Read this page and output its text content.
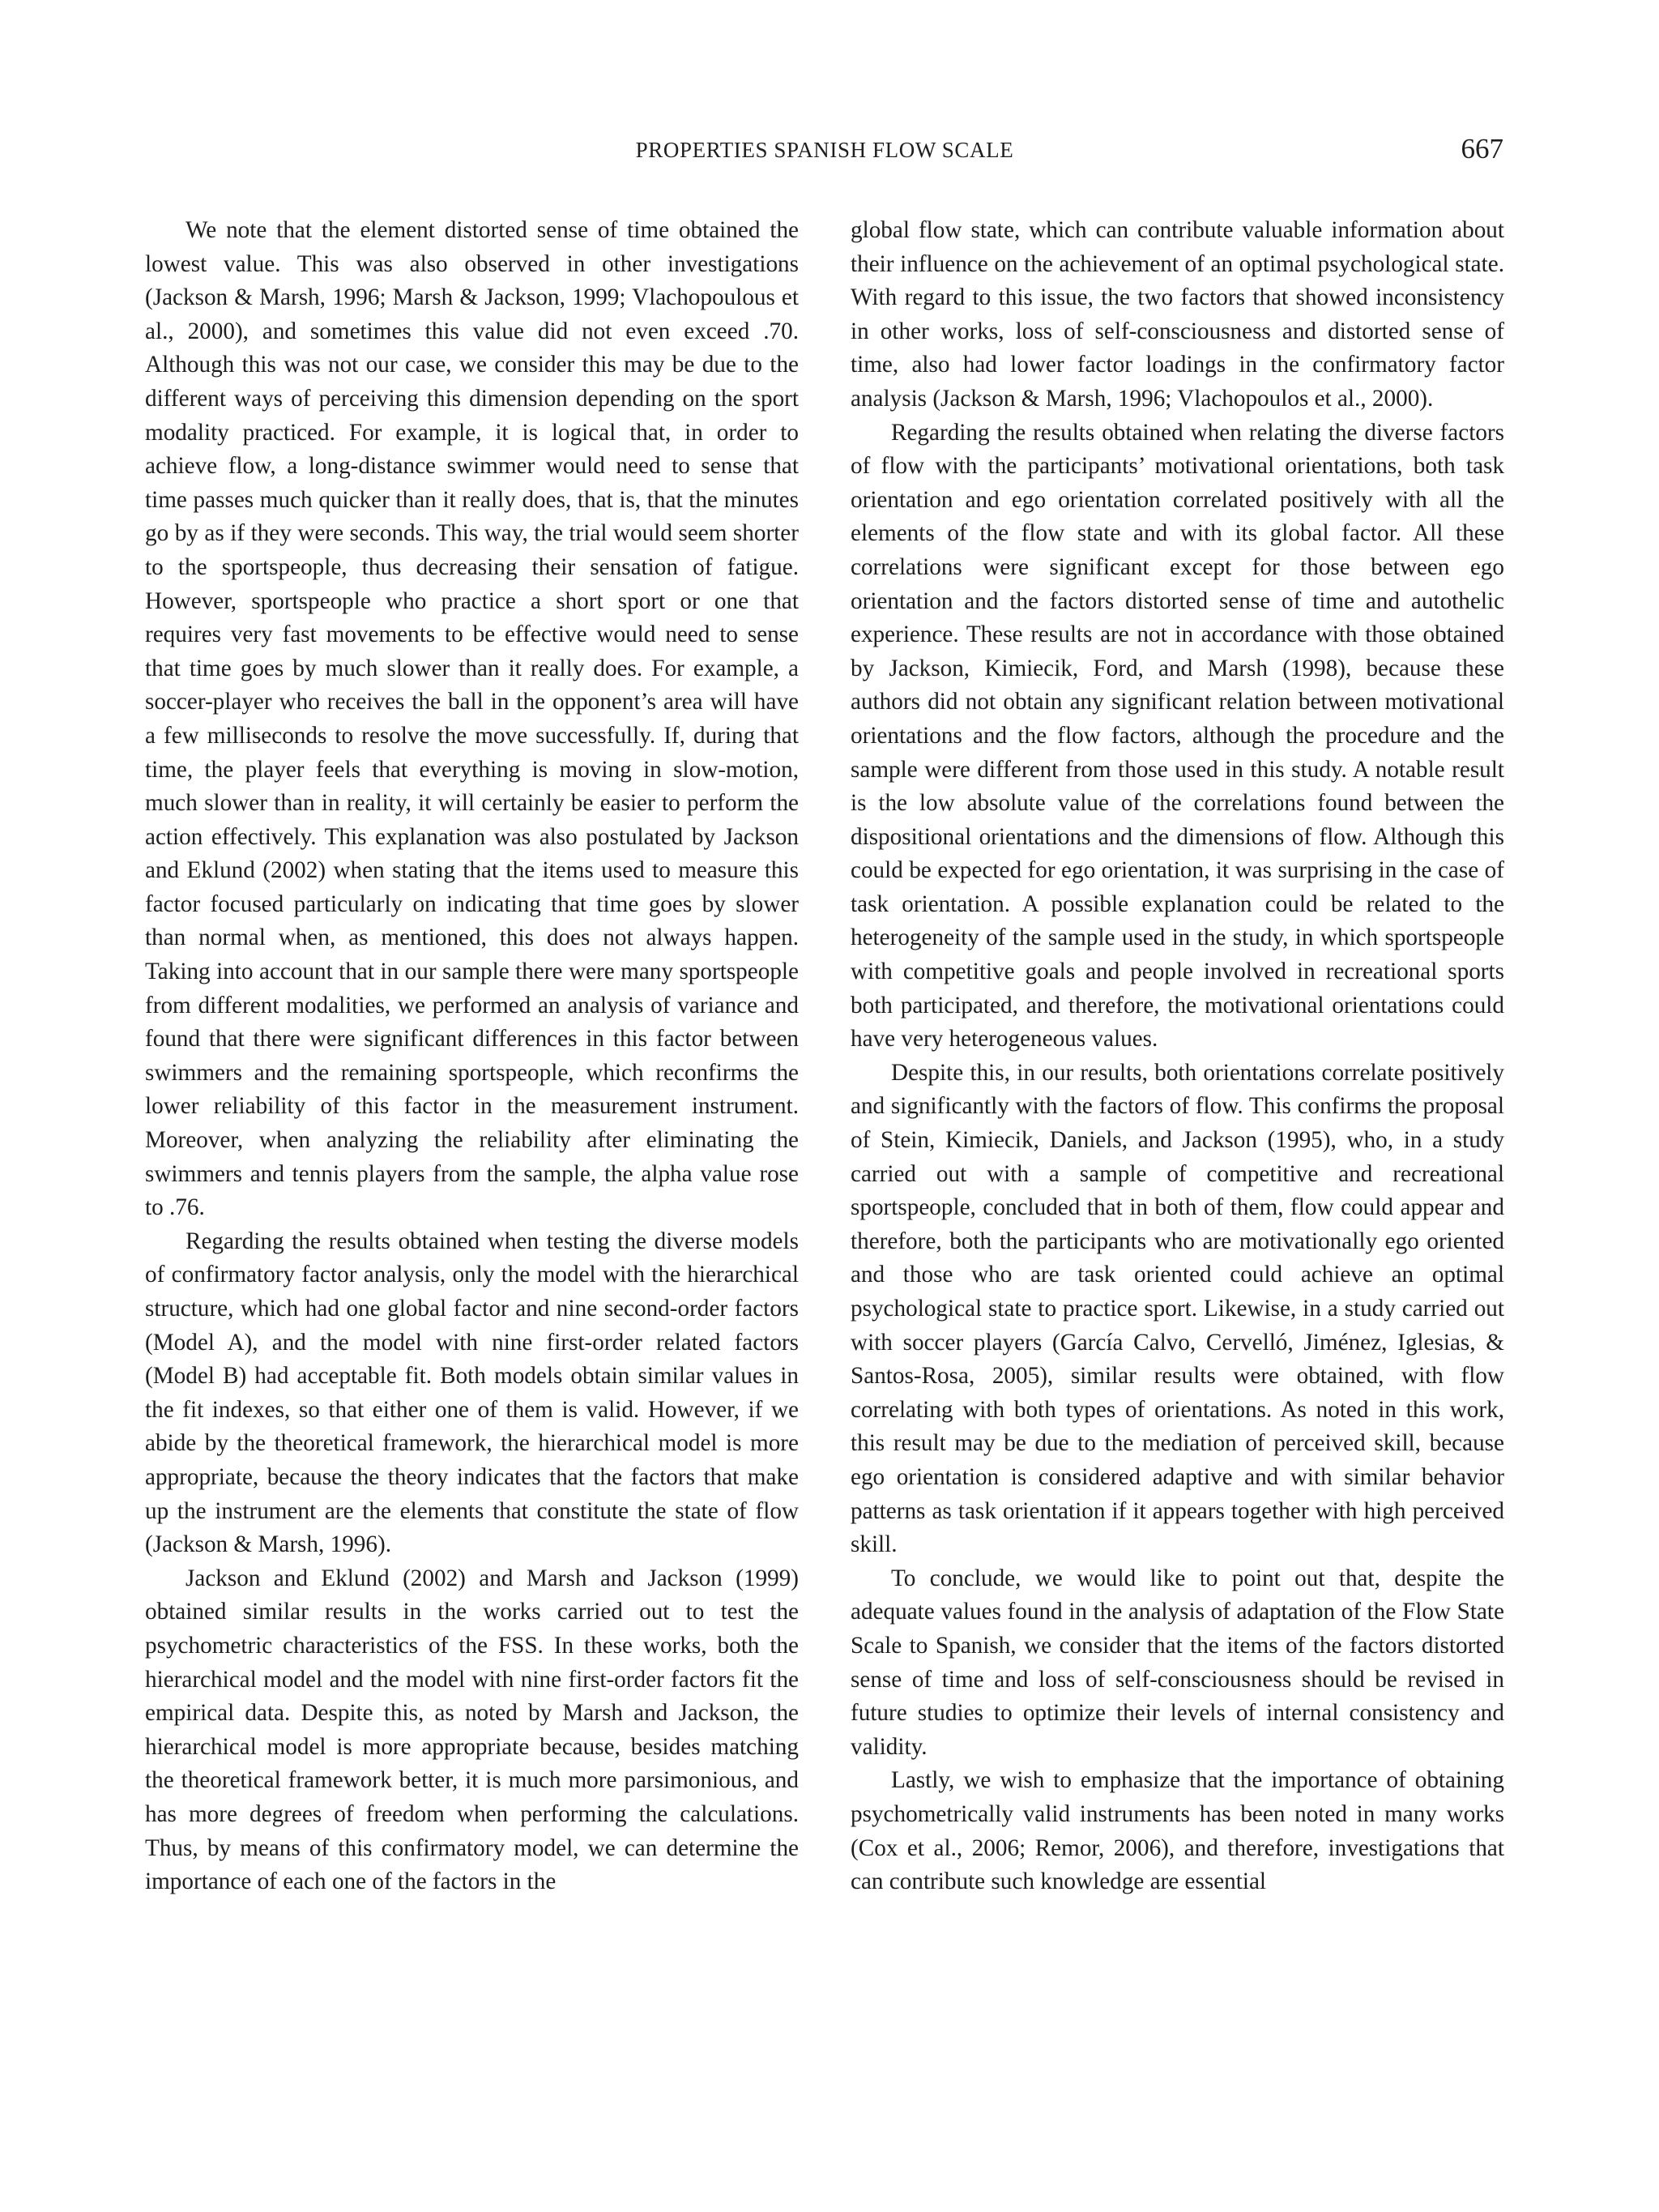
PROPERTIES SPANISH FLOW SCALE	667

We note that the element distorted sense of time obtained the lowest value. This was also observed in other investigations (Jackson & Marsh, 1996; Marsh & Jackson, 1999; Vlachopoulous et al., 2000), and sometimes this value did not even exceed .70. Although this was not our case, we consider this may be due to the different ways of perceiving this dimension depending on the sport modality practiced. For example, it is logical that, in order to achieve flow, a long-distance swimmer would need to sense that time passes much quicker than it really does, that is, that the minutes go by as if they were seconds. This way, the trial would seem shorter to the sportspeople, thus decreasing their sensation of fatigue. However, sportspeople who practice a short sport or one that requires very fast movements to be effective would need to sense that time goes by much slower than it really does. For example, a soccer-player who receives the ball in the opponent’s area will have a few milliseconds to resolve the move successfully. If, during that time, the player feels that everything is moving in slow-motion, much slower than in reality, it will certainly be easier to perform the action effectively. This explanation was also postulated by Jackson and Eklund (2002) when stating that the items used to measure this factor focused particularly on indicating that time goes by slower than normal when, as mentioned, this does not always happen. Taking into account that in our sample there were many sportspeople from different modalities, we performed an analysis of variance and found that there were significant differences in this factor between swimmers and the remaining sportspeople, which reconfirms the lower reliability of this factor in the measurement instrument. Moreover, when analyzing the reliability after eliminating the swimmers and tennis players from the sample, the alpha value rose to .76.

Regarding the results obtained when testing the diverse models of confirmatory factor analysis, only the model with the hierarchical structure, which had one global factor and nine second-order factors (Model A), and the model with nine first-order related factors (Model B) had acceptable fit. Both models obtain similar values in the fit indexes, so that either one of them is valid. However, if we abide by the theoretical framework, the hierarchical model is more appropriate, because the theory indicates that the factors that make up the instrument are the elements that constitute the state of flow (Jackson & Marsh, 1996).

Jackson and Eklund (2002) and Marsh and Jackson (1999) obtained similar results in the works carried out to test the psychometric characteristics of the FSS. In these works, both the hierarchical model and the model with nine first-order factors fit the empirical data. Despite this, as noted by Marsh and Jackson, the hierarchical model is more appropriate because, besides matching the theoretical framework better, it is much more parsimonious, and has more degrees of freedom when performing the calculations. Thus, by means of this confirmatory model, we can determine the importance of each one of the factors in the

global flow state, which can contribute valuable information about their influence on the achievement of an optimal psychological state. With regard to this issue, the two factors that showed inconsistency in other works, loss of self-consciousness and distorted sense of time, also had lower factor loadings in the confirmatory factor analysis (Jackson & Marsh, 1996; Vlachopoulos et al., 2000).

Regarding the results obtained when relating the diverse factors of flow with the participants’ motivational orientations, both task orientation and ego orientation correlated positively with all the elements of the flow state and with its global factor. All these correlations were significant except for those between ego orientation and the factors distorted sense of time and autothelic experience. These results are not in accordance with those obtained by Jackson, Kimiecik, Ford, and Marsh (1998), because these authors did not obtain any significant relation between motivational orientations and the flow factors, although the procedure and the sample were different from those used in this study. A notable result is the low absolute value of the correlations found between the dispositional orientations and the dimensions of flow. Although this could be expected for ego orientation, it was surprising in the case of task orientation. A possible explanation could be related to the heterogeneity of the sample used in the study, in which sportspeople with competitive goals and people involved in recreational sports both participated, and therefore, the motivational orientations could have very heterogeneous values.

Despite this, in our results, both orientations correlate positively and significantly with the factors of flow. This confirms the proposal of Stein, Kimiecik, Daniels, and Jackson (1995), who, in a study carried out with a sample of competitive and recreational sportspeople, concluded that in both of them, flow could appear and therefore, both the participants who are motivationally ego oriented and those who are task oriented could achieve an optimal psychological state to practice sport. Likewise, in a study carried out with soccer players (García Calvo, Cervelló, Jiménez, Iglesias, & Santos-Rosa, 2005), similar results were obtained, with flow correlating with both types of orientations. As noted in this work, this result may be due to the mediation of perceived skill, because ego orientation is considered adaptive and with similar behavior patterns as task orientation if it appears together with high perceived skill.

To conclude, we would like to point out that, despite the adequate values found in the analysis of adaptation of the Flow State Scale to Spanish, we consider that the items of the factors distorted sense of time and loss of self-consciousness should be revised in future studies to optimize their levels of internal consistency and validity.

Lastly, we wish to emphasize that the importance of obtaining psychometrically valid instruments has been noted in many works (Cox et al., 2006; Remor, 2006), and therefore, investigations that can contribute such knowledge are essential
